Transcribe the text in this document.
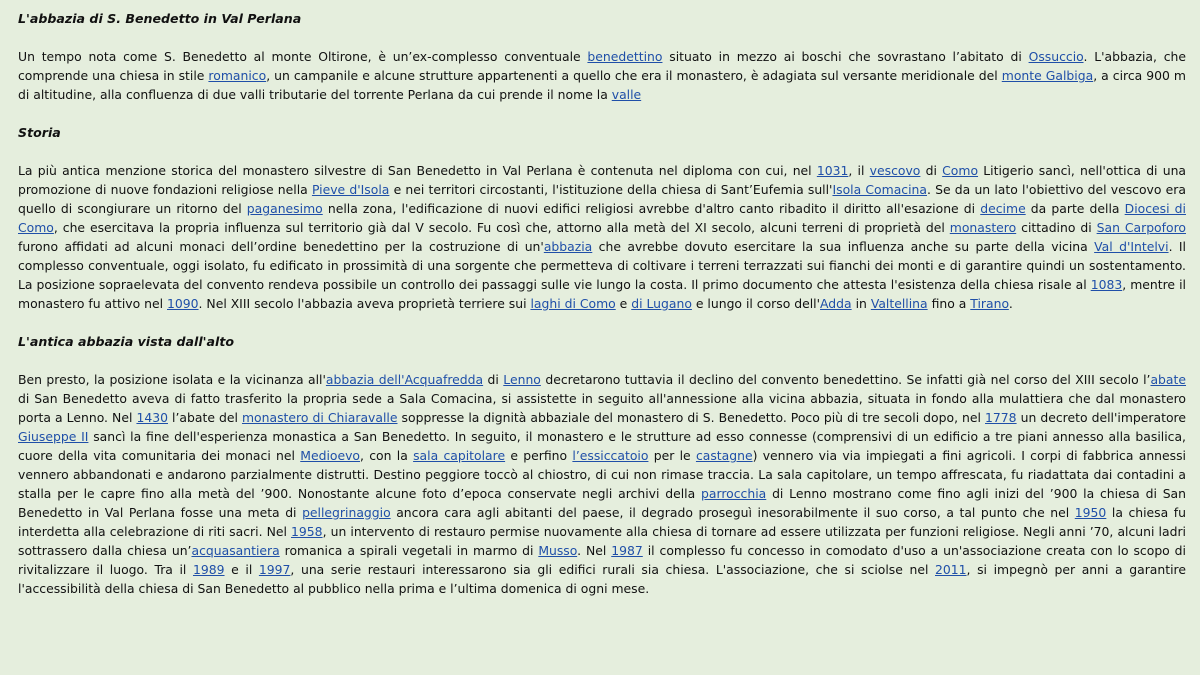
L'abbazia di S. Benedetto in Val Perlana

Un tempo nota come S. Benedetto al monte Oltirone, è un’ex-complesso conventuale benedettino situato in mezzo ai boschi che sovrastano l’abitato di Ossuccio. L'abbazia, che comprende una chiesa in stile romanico, un campanile e alcune strutture appartenenti a quello che era il monastero, è adagiata sul versante meridionale del monte Galbiga, a circa 900 m di altitudine, alla confluenza di due valli tributarie del torrente Perlana da cui prende il nome la valle

Storia

La più antica menzione storica del monastero silvestre di San Benedetto in Val Perlana è contenuta nel diploma con cui, nel 1031, il vescovo di Como Litigerio sancì, nell'ottica di una promozione di nuove fondazioni religiose nella Pieve d'Isola e nei territori circostanti, l'istituzione della chiesa di Sant’Eufemia sull'Isola Comacina. Se da un lato l'obiettivo del vescovo era quello di scongiurare un ritorno del paganesimo nella zona, l'edificazione di nuovi edifici religiosi avrebbe d'altro canto ribadito il diritto all'esazione di decime da parte della Diocesi di Como, che esercitava la propria influenza sul territorio già dal V secolo. Fu così che, attorno alla metà del XI secolo, alcuni terreni di proprietà del monastero cittadino di San Carpoforo furono affidati ad alcuni monaci dell’ordine benedettino per la costruzione di un'abbazia che avrebbe dovuto esercitare la sua influenza anche su parte della vicina Val d'Intelvi. Il complesso conventuale, oggi isolato, fu edificato in prossimità di una sorgente che permetteva di coltivare i terreni terrazzati sui fianchi dei monti e di garantire quindi un sostentamento. La posizione sopraelevata del convento rendeva possibile un controllo dei passaggi sulle vie lungo la costa. Il primo documento che attesta l'esistenza della chiesa risale al 1083, mentre il monastero fu attivo nel 1090. Nel XIII secolo l'abbazia aveva proprietà terriere sui laghi di Como e di Lugano e lungo il corso dell'Adda in Valtellina fino a Tirano.

L'antica abbazia vista dall'alto

Ben presto, la posizione isolata e la vicinanza all'abbazia dell'Acquafredda di Lenno decretarono tuttavia il declino del convento benedettino. Se infatti già nel corso del XIII secolo l’abate di San Benedetto aveva di fatto trasferito la propria sede a Sala Comacina, si assistette in seguito all'annessione alla vicina abbazia, situata in fondo alla mulattiera che dal monastero porta a Lenno. Nel 1430 l’abate del monastero di Chiaravalle soppresse la dignità abbaziale del monastero di S. Benedetto. Poco più di tre secoli dopo, nel 1778 un decreto dell'imperatore Giuseppe II sancì la fine dell'esperienza monastica a San Benedetto. In seguito, il monastero e le strutture ad esso connesse (comprensivi di un edificio a tre piani annesso alla basilica, cuore della vita comunitaria dei monaci nel Medioevo, con la sala capitolare e perfino l’essiccatoio per le castagne) vennero via via impiegati a fini agricoli. I corpi di fabbrica annessi vennero abbandonati e andarono parzialmente distrutti. Destino peggiore toccò al chiostro, di cui non rimase traccia. La sala capitolare, un tempo affrescata, fu riadattata dai contadini a stalla per le capre fino alla metà del ’900. Nonostante alcune foto d’epoca conservate negli archivi della parrocchia di Lenno mostrano come fino agli inizi del ’900 la chiesa di San Benedetto in Val Perlana fosse una meta di pellegrinaggio ancora cara agli abitanti del paese, il degrado proseguì inesorabilmente il suo corso, a tal punto che nel 1950 la chiesa fu interdetta alla celebrazione di riti sacri. Nel 1958, un intervento di restauro permise nuovamente alla chiesa di tornare ad essere utilizzata per funzioni religiose. Negli anni ’70, alcuni ladri sottrassero dalla chiesa un’acquasantiera romanica a spirali vegetali in marmo di Musso. Nel 1987 il complesso fu concesso in comodato d'uso a un'associazione creata con lo scopo di rivitalizzare il luogo. Tra il 1989 e il 1997, una serie restauri interessarono sia gli edifici rurali sia chiesa. L'associazione, che si sciolse nel 2011, si impegnò per anni a garantire l'accessibilità della chiesa di San Benedetto al pubblico nella prima e l’ultima domenica di ogni mese.
